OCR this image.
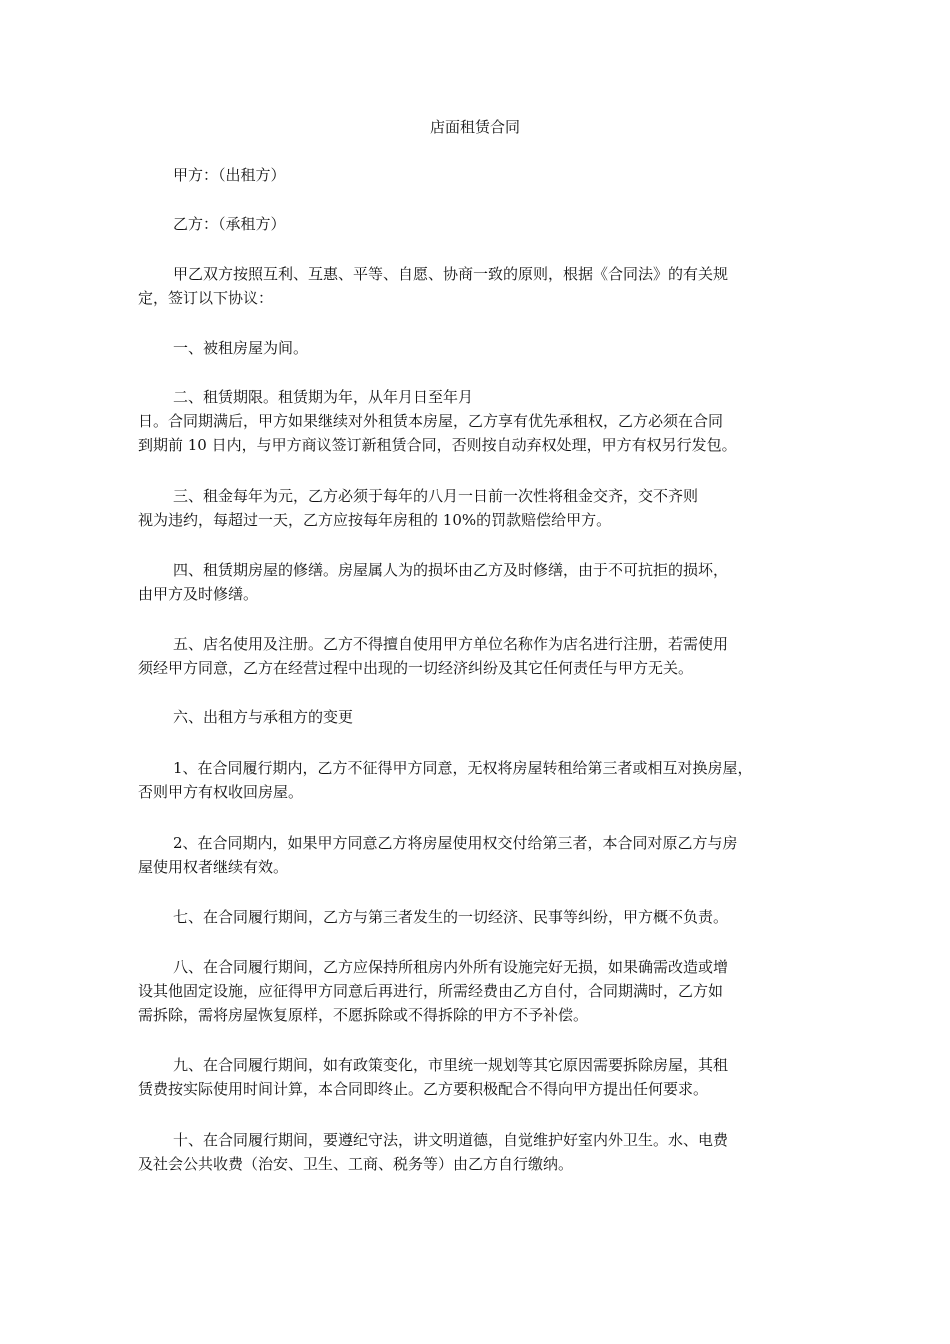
店面租赁合同
甲方：（出租方）
乙方：（承租方）
甲乙双方按照互利、互惠、平等、自愿、协商一致的原则，根据《合同法》的有关规
定，签订以下协议：
一、被租房屋为间。
二、租赁期限。租赁期为年，从年月日至年月
日。合同期满后，甲方如果继续对外租赁本房屋，乙方享有优先承租权，乙方必须在合同
到期前 10 日内，与甲方商议签订新租赁合同，否则按自动弃权处理，甲方有权另行发包。
三、租金每年为元，乙方必须于每年的八月一日前一次性将租金交齐，交不齐则
视为违约，每超过一天，乙方应按每年房租的 10%的罚款赔偿给甲方。
四、租赁期房屋的修缮。房屋属人为的损坏由乙方及时修缮，由于不可抗拒的损坏，
由甲方及时修缮。
五、店名使用及注册。乙方不得擅自使用甲方单位名称作为店名进行注册，若需使用
须经甲方同意，乙方在经营过程中出现的一切经济纠纷及其它任何责任与甲方无关。
六、出租方与承租方的变更
1、在合同履行期内，乙方不征得甲方同意，无权将房屋转租给第三者或相互对换房屋，
否则甲方有权收回房屋。
2、在合同期内，如果甲方同意乙方将房屋使用权交付给第三者，本合同对原乙方与房
屋使用权者继续有效。
七、在合同履行期间，乙方与第三者发生的一切经济、民事等纠纷，甲方概不负责。
八、在合同履行期间，乙方应保持所租房内外所有设施完好无损，如果确需改造或增
设其他固定设施，应征得甲方同意后再进行，所需经费由乙方自付，合同期满时，乙方如
需拆除，需将房屋恢复原样，不愿拆除或不得拆除的甲方不予补偿。
九、在合同履行期间，如有政策变化，市里统一规划等其它原因需要拆除房屋，其租
赁费按实际使用时间计算，本合同即终止。乙方要积极配合不得向甲方提出任何要求。
十、在合同履行期间，要遵纪守法，讲文明道德，自觉维护好室内外卫生。水、电费
及社会公共收费（治安、卫生、工商、税务等）由乙方自行缴纳。
